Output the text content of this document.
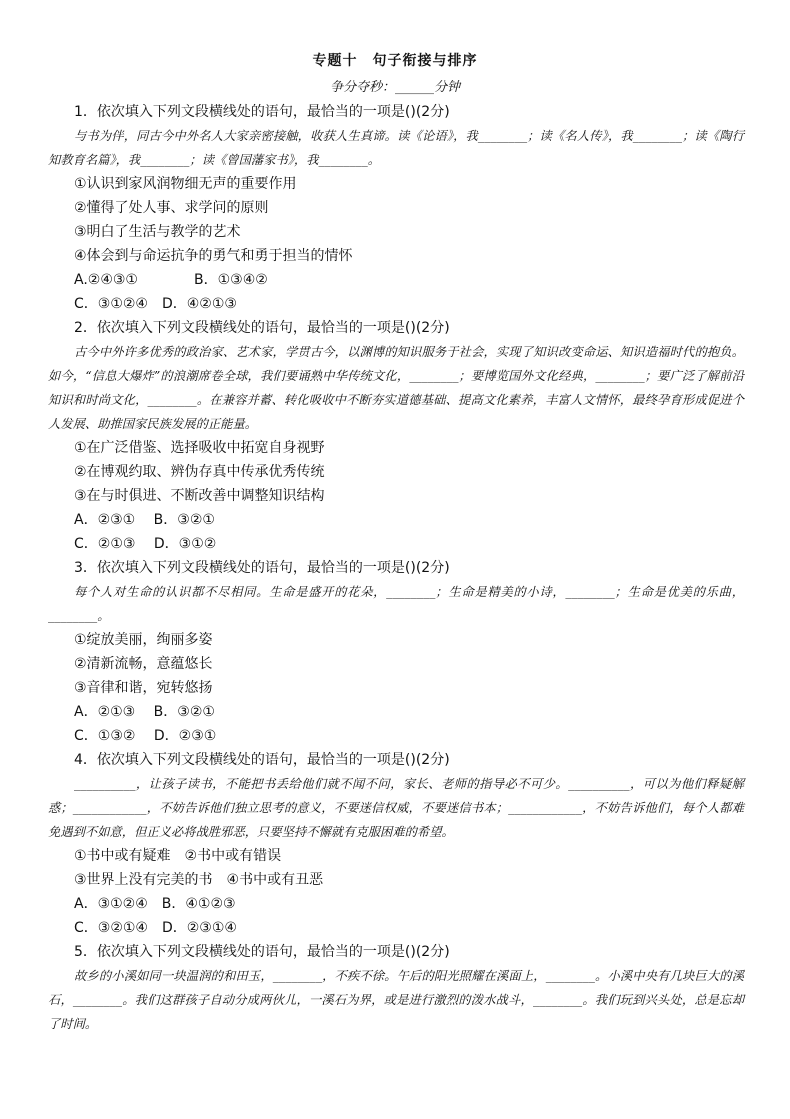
专题十　句子衔接与排序
争分夺秒：______分钟

1．依次填入下列文段横线处的语句，最恰当的一项是()(2分)

与书为伴，同古今中外名人大家亲密接触，收获人生真谛。读《论语》，我________；读《名人传》，我________；读《陶行知教育名篇》，我________；读《曾国藩家书》，我________。

①认识到家风润物细无声的重要作用

②懂得了处人事、求学问的原则

③明白了生活与教学的艺术

④体会到与命运抗争的勇气和勇于担当的情怀

A.②④③①　　　　B．①③④②

C．③①②④　D．④②①③

2．依次填入下列文段横线处的语句，最恰当的一项是()(2分)

古今中外许多优秀的政治家、艺术家，学贯古今，以渊博的知识服务于社会，实现了知识改变命运、知识造福时代的抱负。如今，“信息大爆炸”的浪潮席卷全球，我们要诵熟中华传统文化，________；要博览国外文化经典，________；要广泛了解前沿知识和时尚文化，________。在兼容并蓄、转化吸收中不断夯实道德基础、提高文化素养，丰富人文情怀，最终孕育形成促进个人发展、助推国家民族发展的正能量。

①在广泛借鉴、选择吸收中拓宽自身视野

②在博观约取、辨伪存真中传承优秀传统

③在与时俱进、不断改善中调整知识结构

A．②③①　 B．③②①

C．②①③　 D．③①②

3．依次填入下列文段横线处的语句，最恰当的一项是()(2分)

每个人对生命的认识都不尽相同。生命是盛开的花朵，________；生命是精美的小诗，________；生命是优美的乐曲，________。

①绽放美丽，绚丽多姿

②清新流畅，意蕴悠长

③音律和谐，宛转悠扬

A．②①③　 B．③②①

C．①③②　 D．②③①

4．依次填入下列文段横线处的语句，最恰当的一项是()(2分)

__________，让孩子读书，不能把书丢给他们就不闻不问，家长、老师的指导必不可少。__________，可以为他们释疑解惑；____________，不妨告诉他们独立思考的意义，不要迷信权威，不要迷信书本；____________，不妨告诉他们，每个人都难免遇到不如意，但正义必将战胜邪恶，只要坚持不懈就有克服困难的希望。

①书中或有疑难　②书中或有错误

③世界上没有完美的书　④书中或有丑恶

A．③①②④　B．④①②③

C．③②①④　D．②③①④

5．依次填入下列文段横线处的语句，最恰当的一项是()(2分)

故乡的小溪如同一块温润的和田玉，________，不疾不徐。午后的阳光照耀在溪面上，________。小溪中央有几块巨大的溪石，________。我们这群孩子自动分成两伙儿，一溪石为界，或是进行激烈的泼水战斗，________。我们玩到兴头处，总是忘却了时间。
